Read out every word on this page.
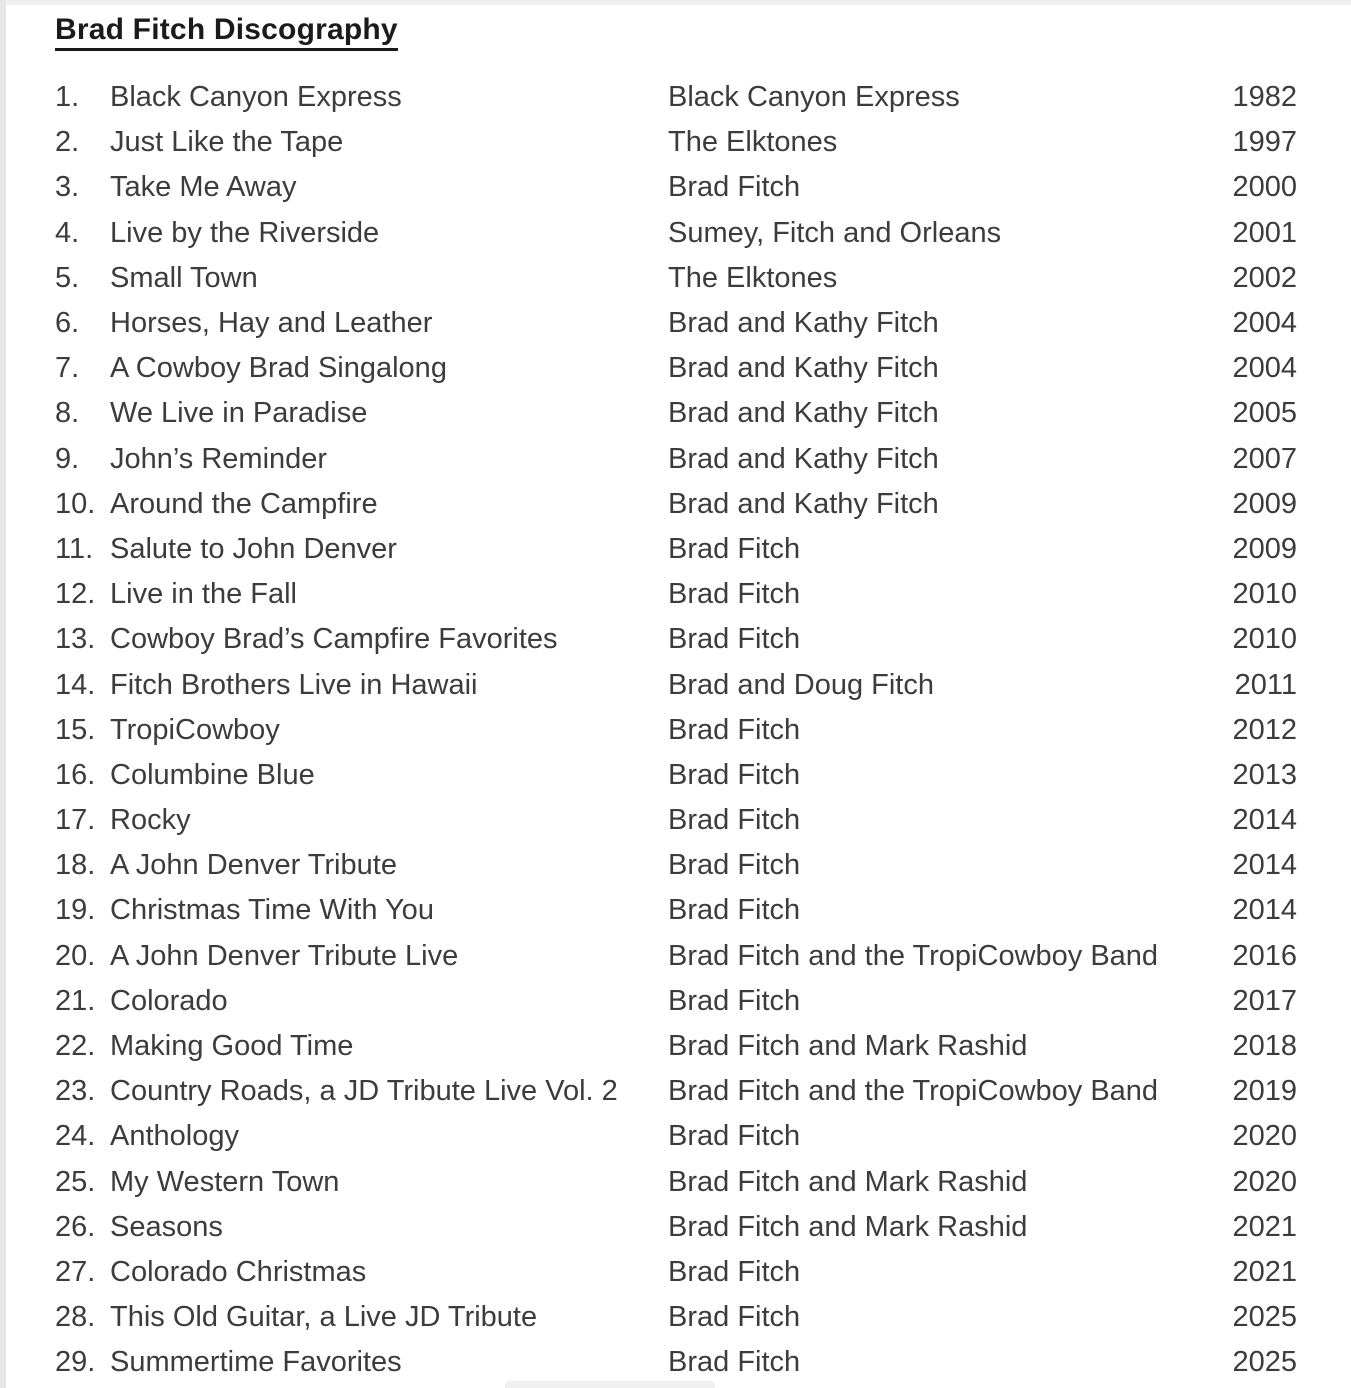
Brad Fitch Discography
1.	Black Canyon Express	Black Canyon Express	1982
2.	Just Like the Tape	The Elktones	1997
3.	Take Me Away	Brad Fitch	2000
4.	Live by the Riverside	Sumey, Fitch and Orleans	2001
5.	Small Town	The Elktones	2002
6.	Horses, Hay and Leather	Brad and Kathy Fitch	2004
7.	A Cowboy Brad Singalong	Brad and Kathy Fitch	2004
8.	We Live in Paradise	Brad and Kathy Fitch	2005
9.	John’s Reminder	Brad and Kathy Fitch	2007
10. Around the Campfire	Brad and Kathy Fitch	2009
11. Salute to John Denver	Brad Fitch	2009
12. Live in the Fall	Brad Fitch	2010
13. Cowboy Brad’s Campfire Favorites	Brad Fitch	2010
14. Fitch Brothers Live in Hawaii	Brad and Doug Fitch	2011
15. TropiCowboy	Brad Fitch	2012
16. Columbine Blue	Brad Fitch	2013
17. Rocky	Brad Fitch	2014
18. A John Denver Tribute	Brad Fitch	2014
19. Christmas Time With You	Brad Fitch	2014
20. A John Denver Tribute Live	Brad Fitch and the TropiCowboy Band	2016
21. Colorado	Brad Fitch	2017
22. Making Good Time	Brad Fitch and Mark Rashid	2018
23. Country Roads, a JD Tribute Live Vol. 2	Brad Fitch and the TropiCowboy Band	2019
24. Anthology	Brad Fitch	2020
25. My Western Town	Brad Fitch and Mark Rashid	2020
26. Seasons	Brad Fitch and Mark Rashid	2021
27. Colorado Christmas	Brad Fitch	2021
28. This Old Guitar, a Live JD Tribute	Brad Fitch	2025
29. Summertime Favorites	Brad Fitch	2025
